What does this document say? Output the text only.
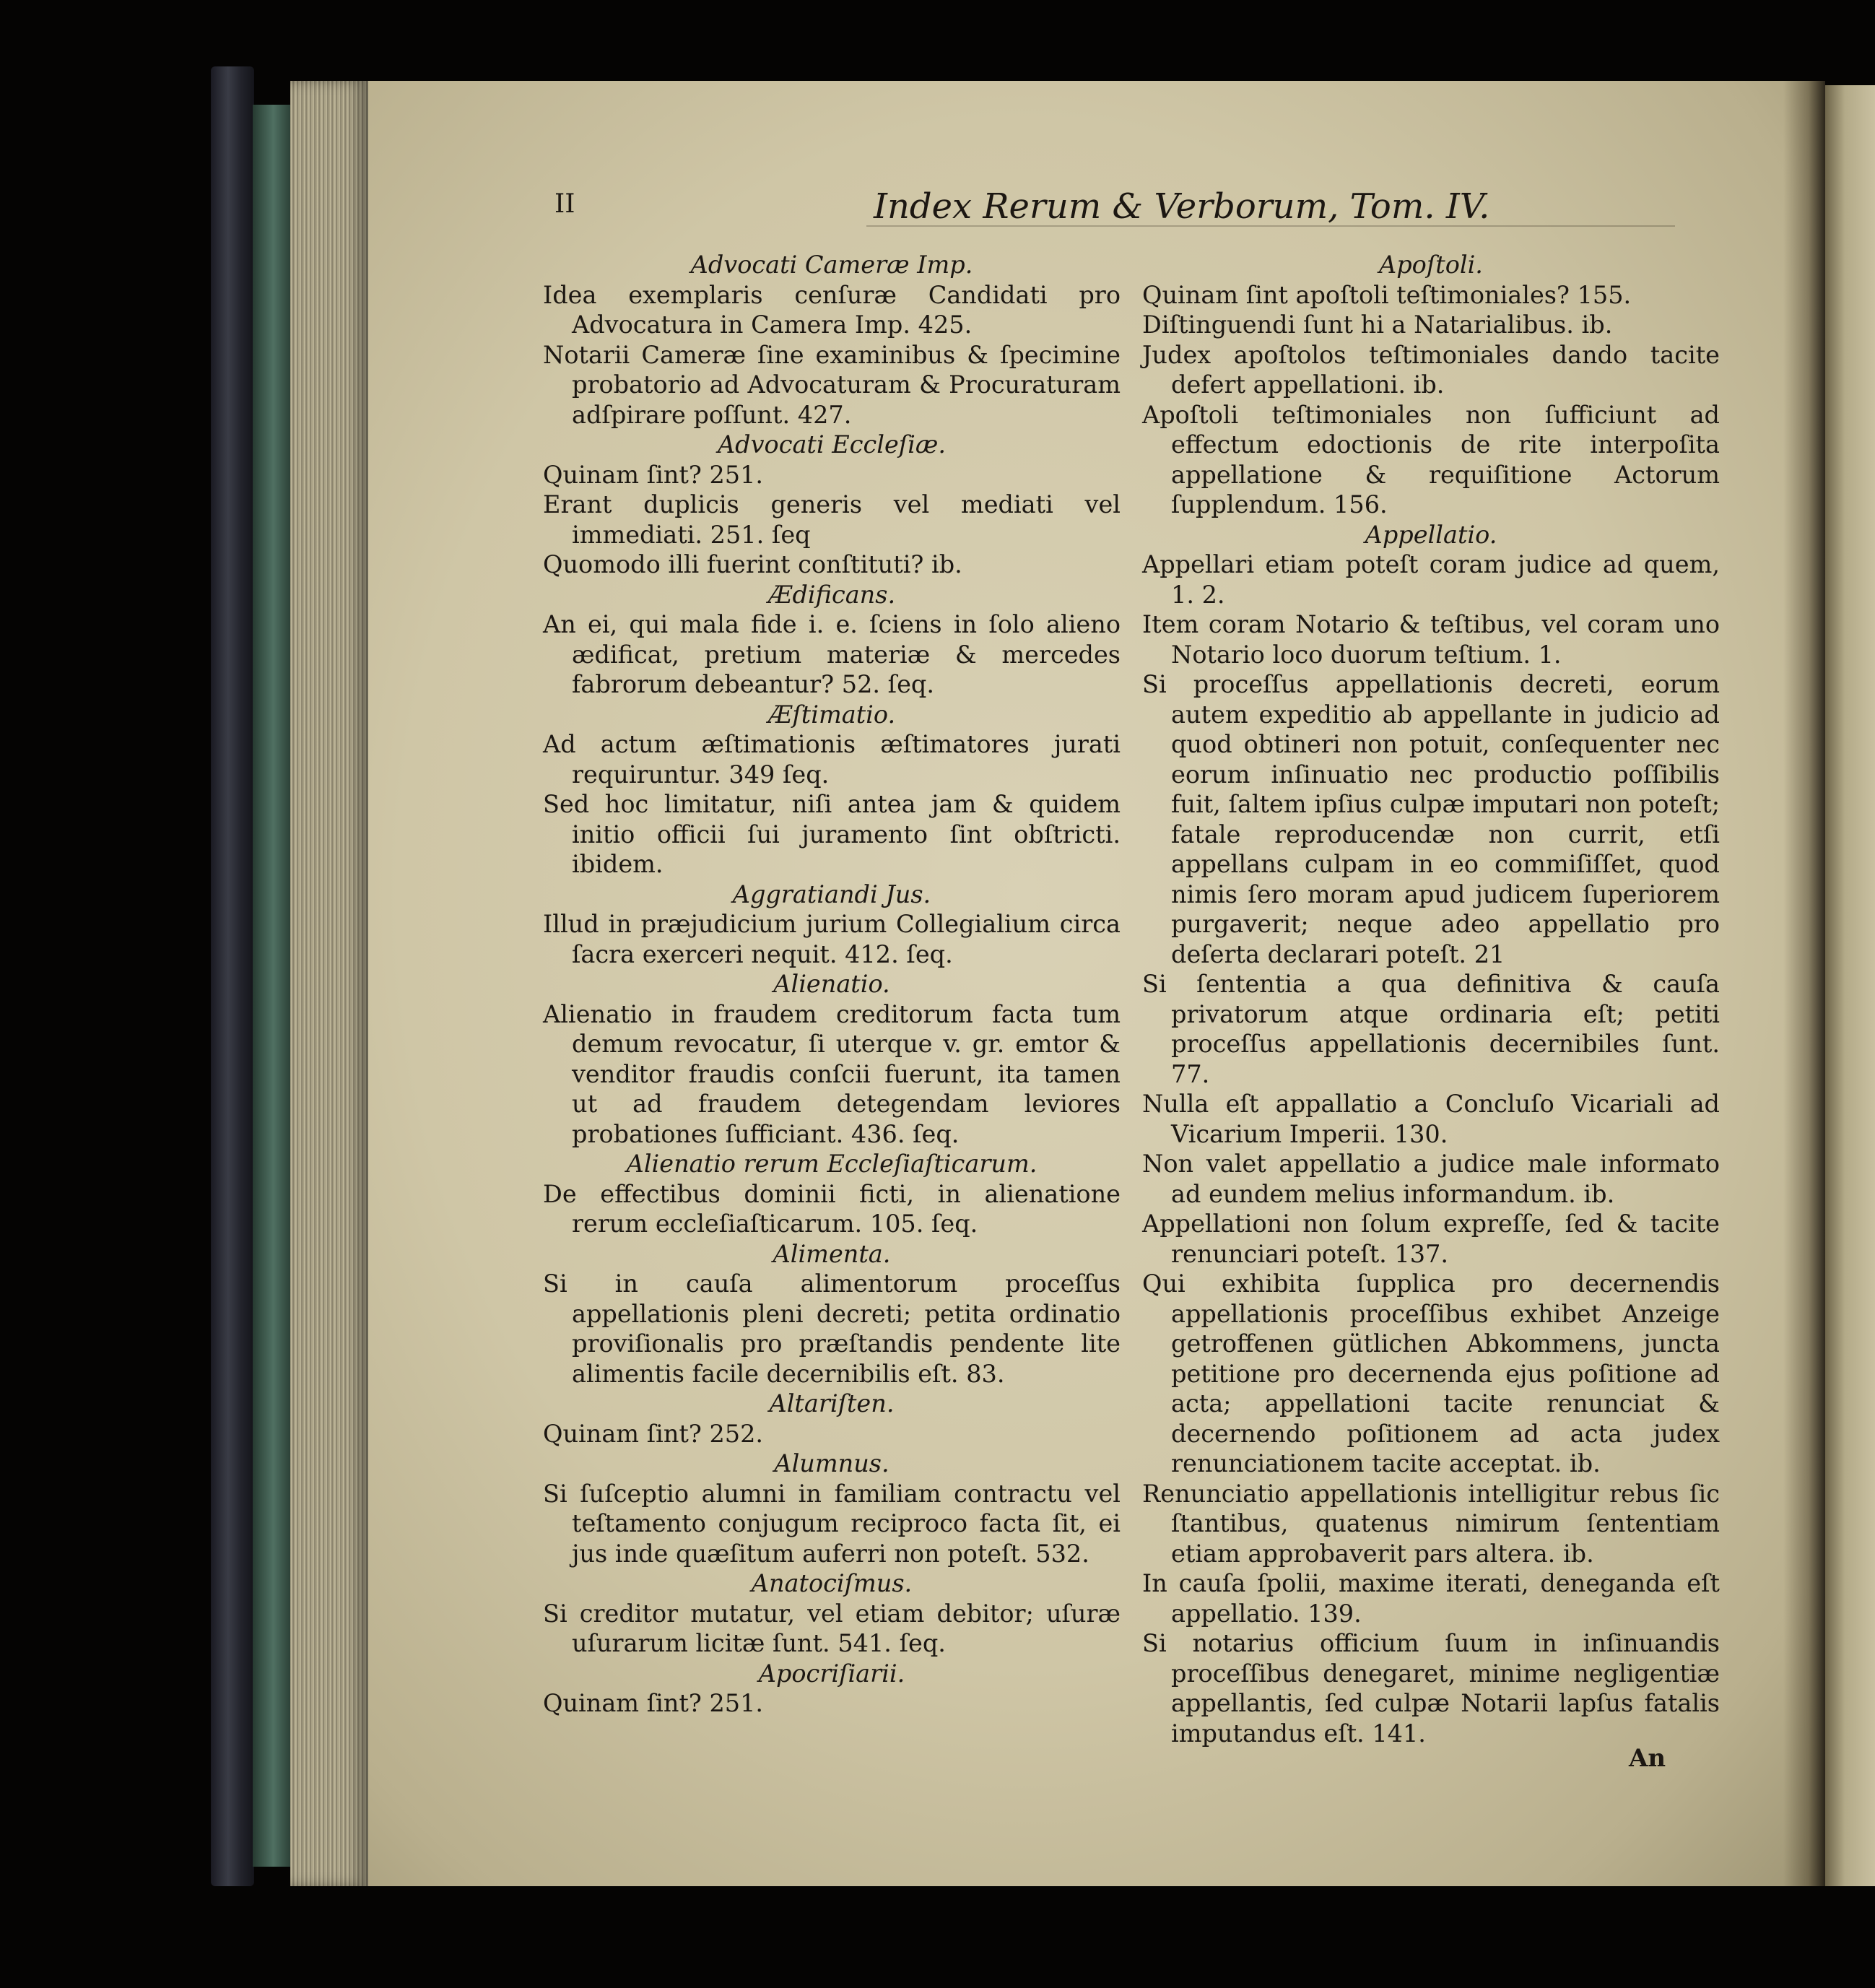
II	Index Rerum & Verborum, Tom. IV.
Advocati Cameræ Imp.
Idea exemplaris cenſuræ Candidati pro Advocatura in Camera Imp. 425.
Notarii Cameræ ſine examinibus & ſpecimine probatorio ad Advocaturam & Procuraturam adſpirare poſſunt. 427.
Advocati Eccleſiæ.
Quinam ſint? 251.
Erant duplicis generis vel mediati vel immediati. 251. ſeq
Quomodo illi fuerint conſtituti? ib.
Ædificans.
An ei, qui mala fide i. e. ſciens in ſolo alieno ædificat, pretium materiæ & mercedes fabrorum debeantur? 52. ſeq.
Æſtimatio.
Ad actum æſtimationis æſtimatores jurati requiruntur. 349 ſeq.
Sed hoc limitatur, niſi antea jam & quidem initio officii ſui juramento ſint obſtricti. ibidem.
Aggratiandi Jus.
Illud in præjudicium jurium Collegialium circa ſacra exerceri nequit. 412. ſeq.
Alienatio.
Alienatio in fraudem creditorum facta tum demum revocatur, ſi uterque v. gr. emtor & venditor fraudis conſcii fuerunt, ita tamen ut ad fraudem detegendam leviores probationes ſufficiant. 436. ſeq.
Alienatio rerum Eccleſiaſticarum.
De effectibus dominii ficti, in alienatione rerum eccleſiaſticarum. 105. ſeq.
Alimenta.
Si in cauſa alimentorum proceſſus appellationis pleni decreti; petita ordinatio proviſionalis pro præſtandis pendente lite alimentis facile decernibilis eſt. 83.
Altariſten.
Quinam ſint? 252.
Alumnus.
Si ſuſceptio alumni in familiam contractu vel teſtamento conjugum reciproco facta ſit, ei jus inde quæſitum auferri non poteſt. 532.
Anatociſmus.
Si creditor mutatur, vel etiam debitor; uſuræ uſurarum licitæ ſunt. 541. ſeq.
Apocriſiarii.
Quinam ſint? 251.
Apoſtoli.
Quinam ſint apoſtoli teſtimoniales? 155.
Diſtinguendi ſunt hi a Natarialibus. ib.
Judex apoſtolos teſtimoniales dando tacite defert appellationi. ib.
Apoſtoli teſtimoniales non ſufficiunt ad effectum edoctionis de rite interpoſita appellatione & requiſitione Actorum ſupplendum. 156.
Appellatio.
Appellari etiam poteſt coram judice ad quem, 1. 2.
Item coram Notario & teſtibus, vel coram uno Notario loco duorum teſtium. 1.
Si proceſſus appellationis decreti, eorum autem expeditio ab appellante in judicio ad quod obtineri non potuit, conſequenter nec eorum inſinuatio nec productio poſſibilis fuit, ſaltem ipſius culpæ imputari non poteſt; fatale reproducendæ non currit, etſi appellans culpam in eo commiſiſſet, quod nimis ſero moram apud judicem ſuperiorem purgaverit; neque adeo appellatio pro deſerta declarari poteſt. 21
Si ſententia a qua definitiva & cauſa privatorum atque ordinaria eſt; petiti proceſſus appellationis decernibiles ſunt. 77.
Nulla eſt appallatio a Concluſo Vicariali ad Vicarium Imperii. 130.
Non valet appellatio a judice male informato ad eundem melius informandum. ib.
Appellationi non ſolum expreſſe, ſed & tacite renunciari poteſt. 137.
Qui exhibita ſupplica pro decernendis appellationis proceſſibus exhibet Anzeige getroffenen gütlichen Abkommens, juncta petitione pro decernenda ejus poſitione ad acta; appellationi tacite renunciat & decernendo poſitionem ad acta judex renunciationem tacite acceptat. ib.
Renunciatio appellationis intelligitur rebus ſic ſtantibus, quatenus nimirum ſententiam etiam approbaverit pars altera. ib.
In cauſa ſpolii, maxime iterati, deneganda eſt appellatio. 139.
Si notarius officium ſuum in inſinuandis proceſſibus denegaret, minime negligentiæ appellantis, ſed culpæ Notarii lapſus fatalis imputandus eſt. 141.
An
